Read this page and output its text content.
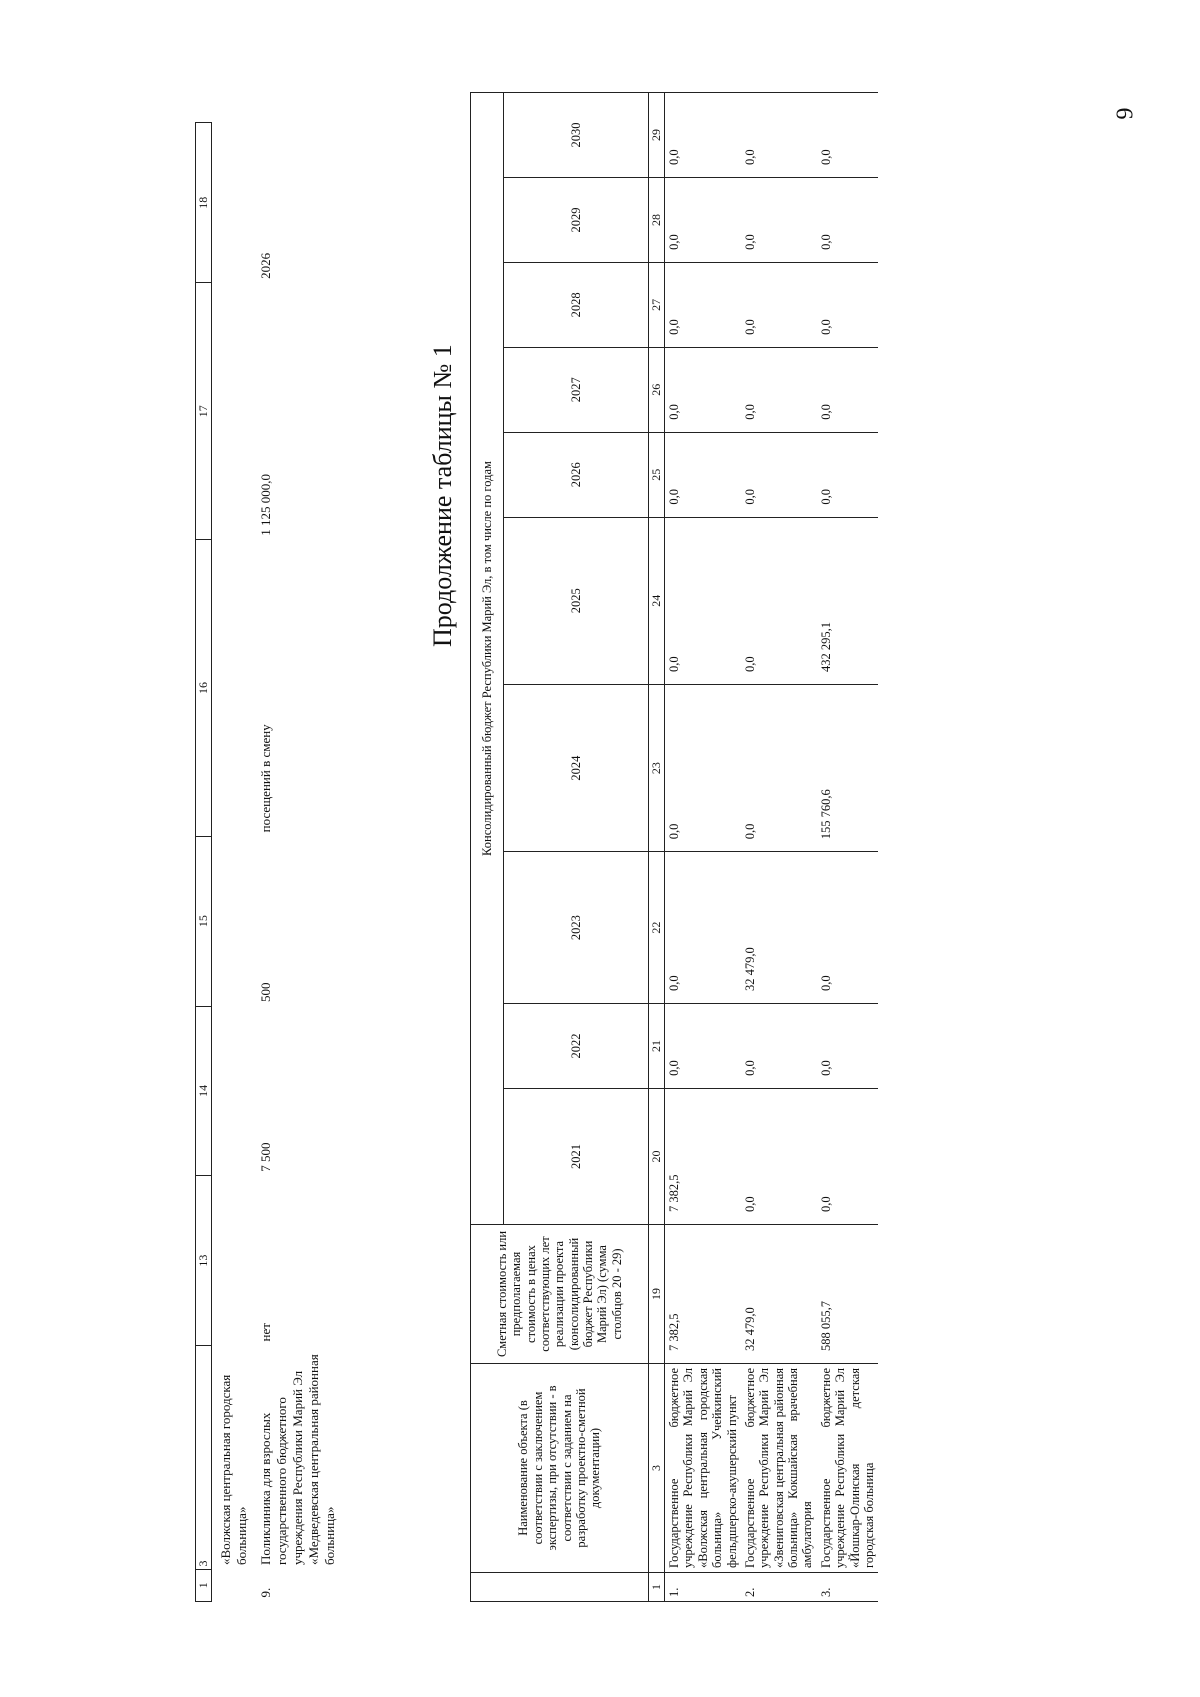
6
1	3	13	14	15	16	17	18
	«Волжская центральная городская больница»						
9.	Поликлиника для взрослых государственного бюджетного учреждения Республики Марий Эл «Медведевская центральная районная больница»	нет	7 500	500	посещений в смену	1 125 000,0	2026
Продолжение таблицы № 1
	Наименование объекта (в соответствии с заключением экспертизы, при отсутствии - в соответствии с заданием на разработку проектно-сметной документации)	Сметная стоимость или предполагаемая стоимость в ценах соответствующих лет реализации проекта (консолидированный бюджет Республики Марий Эл) (сумма столбцов 20 - 29)	Консолидированный бюджет Республики Марий Эл, в том числе по годам									
			2021	2022	2023	2024	2025	2026	2027	2028	2029	2030
1	3	19	20	21	22	23	24	25	26	27	28	29
1.	Государственное бюджетное учреждение Республики Марий Эл «Волжская центральная городская больница» Учейкинский фельдшерско-акушерский пункт	7 382,5	7 382,5	0,0	0,0	0,0	0,0	0,0	0,0	0,0	0,0	0,0
2.	Государственное бюджетное учреждение Республики Марий Эл «Звениговская центральная районная больница» Кокшайская врачебная амбулатория	32 479,0	0,0	0,0	32 479,0	0,0	0,0	0,0	0,0	0,0	0,0	0,0
3.	Государственное бюджетное учреждение Республики Марий Эл «Йошкар-Олинская детская городская больница	588 055,7	0,0	0,0	0,0	155 760,6	432 295,1	0,0	0,0	0,0	0,0	0,0
